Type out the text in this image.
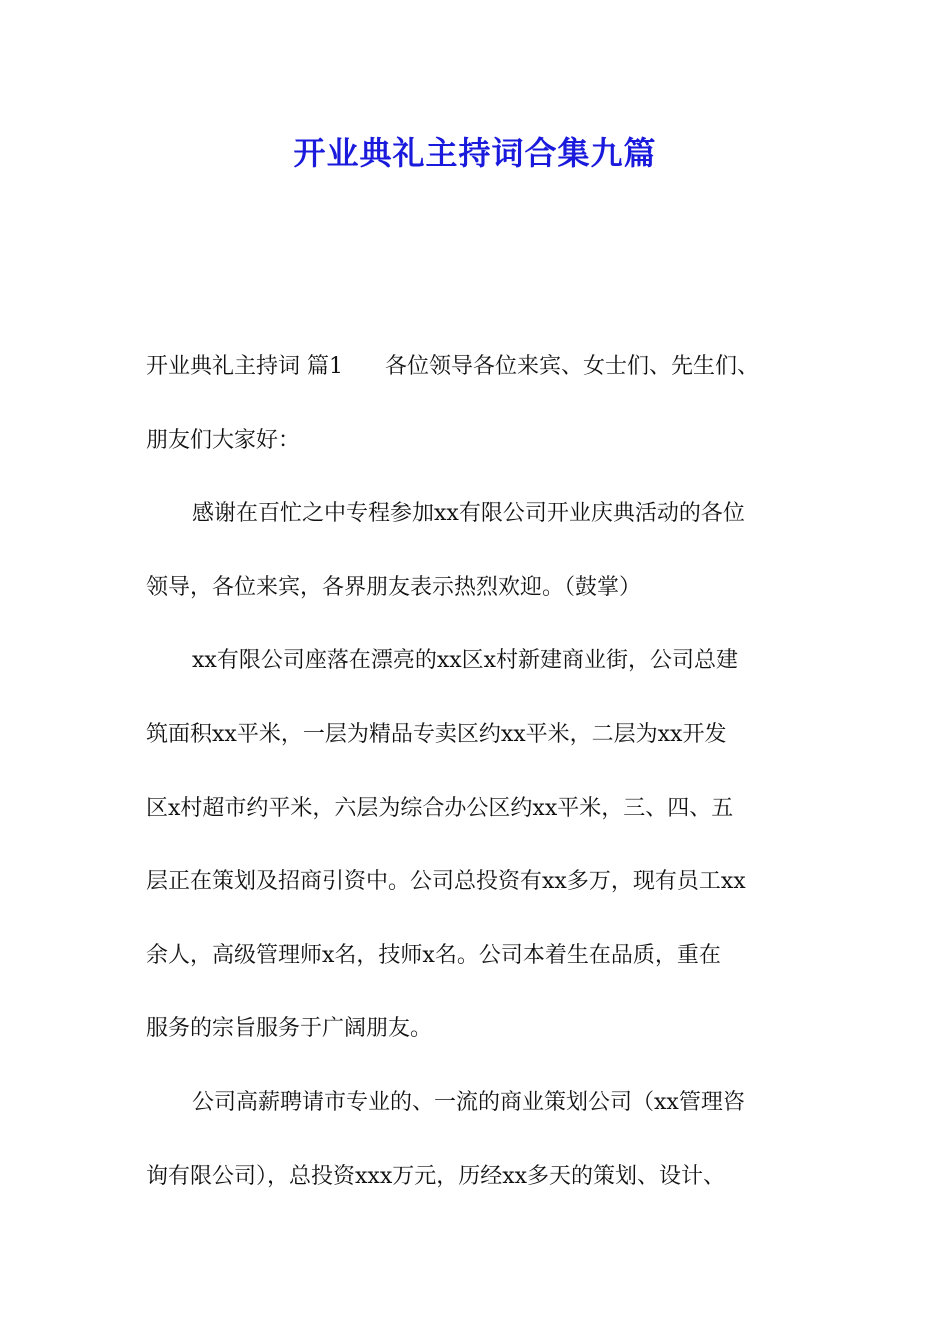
开业典礼主持词合集九篇
开业典礼主持词 篇1 各位领导各位来宾、女士们、先生们、
朋友们大家好：
感谢在百忙之中专程参加xx有限公司开业庆典活动的各位
领导，各位来宾，各界朋友表示热烈欢迎。（鼓掌）
xx有限公司座落在漂亮的xx区x村新建商业街，公司总建
筑面积xx平米，一层为精品专卖区约xx平米，二层为xx开发
区x村超市约平米，六层为综合办公区约xx平米，三、四、五
层正在策划及招商引资中。公司总投资有xx多万，现有员工xx
余人，高级管理师x名，技师x名。公司本着生在品质，重在
服务的宗旨服务于广阔朋友。
公司高薪聘请市专业的、一流的商业策划公司（xx管理咨
询有限公司），总投资xxx万元，历经xx多天的策划、设计、
